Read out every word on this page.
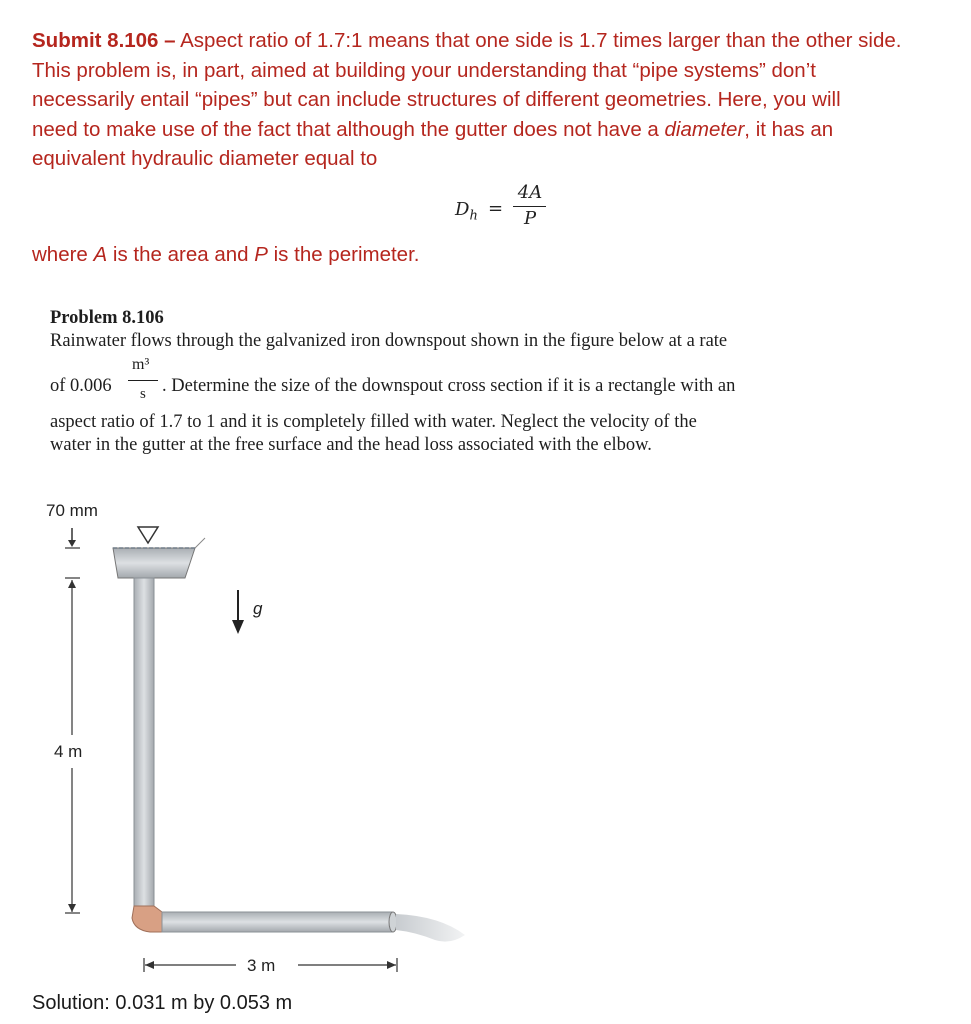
Submit 8.106 – Aspect ratio of 1.7:1 means that one side is 1.7 times larger than the other side.
This problem is, in part, aimed at building your understanding that “pipe systems” don’t
necessarily entail “pipes” but can include structures of different geometries. Here, you will
need to make use of the fact that although the gutter does not have a diameter, it has an
equivalent hydraulic diameter equal to
$D_h$ =
4A
P
where A is the area and P is the perimeter.
Problem 8.106
Rainwater flows through the galvanized iron downspout shown in the figure below at a rate
of 0.006
m³
s . Determine the size of the downspout cross section if it is a rectangle with an
aspect ratio of 1.7 to 1 and it is completely filled with water. Neglect the velocity of the
water in the gutter at the free surface and the head loss associated with the elbow.
70 mm
g
4 m
3 m
Solution: 0.031 m by 0.053 m
